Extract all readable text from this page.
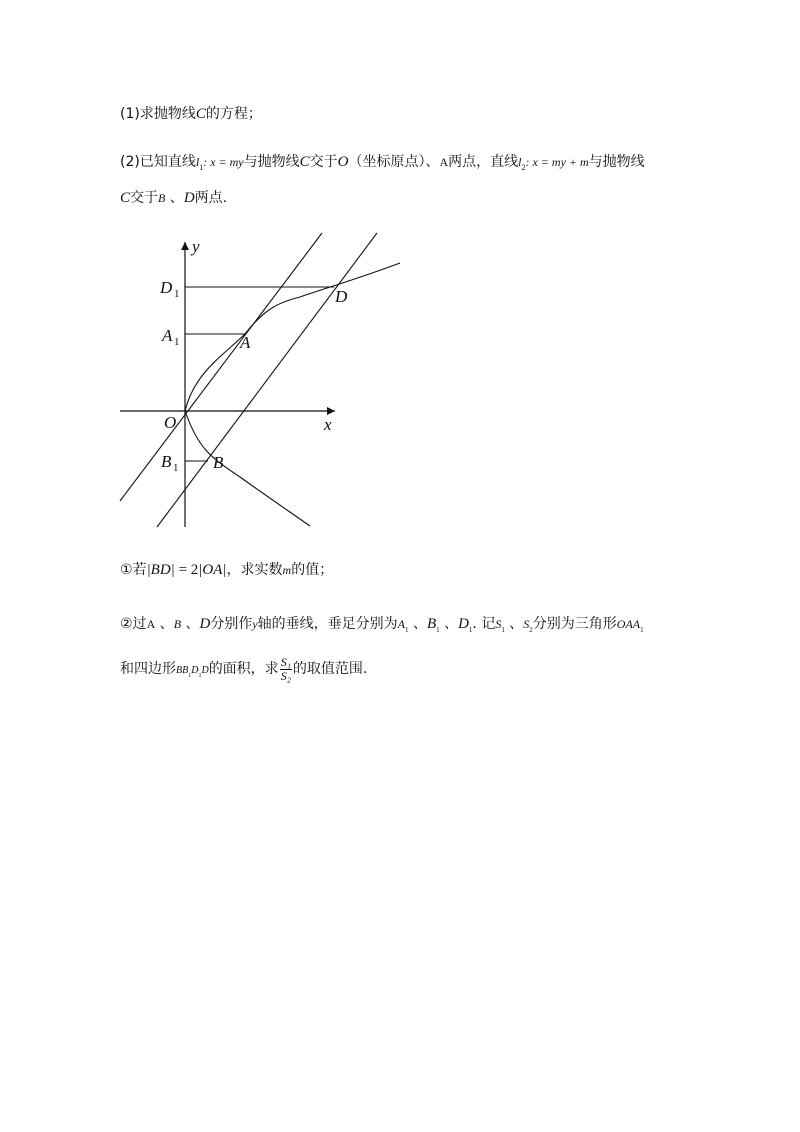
(1)求抛物线C的方程；
(2)已知直线$l_1$: x = my与抛物线C交于O（坐标原点）、A两点，直线$l_2$: x = my + m与抛物线
C交于B 、D两点.
y
x
O
D 1
A 1
B 1
A
B
D
①若|BD| = 2|OA|，求实数m的值；
②过A 、B 、D分别作y轴的垂线，垂足分别为$A_1$ 、$B_1$ 、$D_1$. 记$S_1$ 、$S_2$分别为三角形$OAA_1$
和四边形$BB_1D_1D$的面积，求 $\frac{\text{S₁}}{\text{S₂}}$ 的取值范围.
